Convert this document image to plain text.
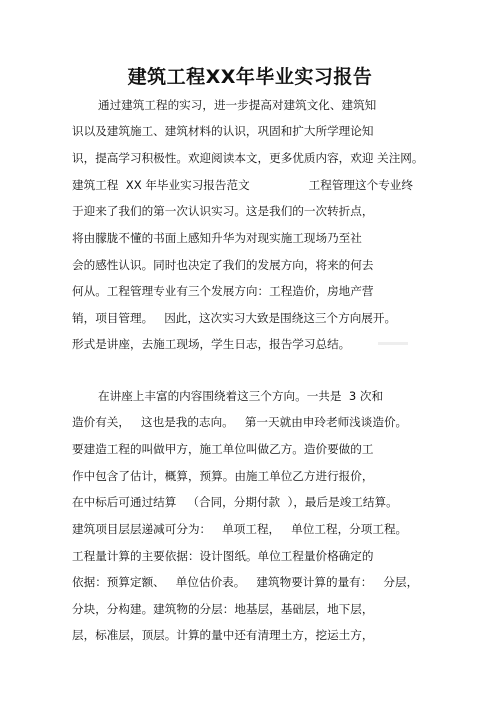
建筑工程XX年毕业实习报告
通过建筑工程的实习，进一步提高对建筑文化、建筑知
识以及建筑施工、建筑材料的认识，巩固和扩大所学理论知
识，提高学习积极性。欢迎阅读本文，更多优质内容，欢迎 关注网。
建筑工程  XX 年毕业实习报告范文                工程管理这个专业终
于迎来了我们的第一次认识实习。这是我们的一次转折点，
将由朦胧不懂的书面上感知升华为对现实施工现场乃至社
会的感性认识。同时也决定了我们的发展方向，将来的何去
何从。工程管理专业有三个发展方向：工程造价，房地产营
销，项目管理。   因此，这次实习大致是围绕这三个方向展开。
形式是讲座，去施工现场，学生日志，报告学习总结。
在讲座上丰富的内容围绕着这三个方向。一共是  3 次和
造价有关，   这也是我的志向。   第一天就由申玲老师浅谈造价。
要建造工程的叫做甲方，施工单位叫做乙方。造价要做的工
作中包含了估计，概算，预算。由施工单位乙方进行报价，
在中标后可通过结算   （合同，分期付款  ），最后是竣工结算。
建筑项目层层递减可分为：   单项工程，   单位工程，分项工程。
工程量计算的主要依据：设计图纸。单位工程量价格确定的
依据：预算定额、   单位估价表。   建筑物要计算的量有：   分层，
分块，分构建。建筑物的分层：地基层，基础层，地下层，
层，标准层，顶层。计算的量中还有清理土方，挖运土方，
